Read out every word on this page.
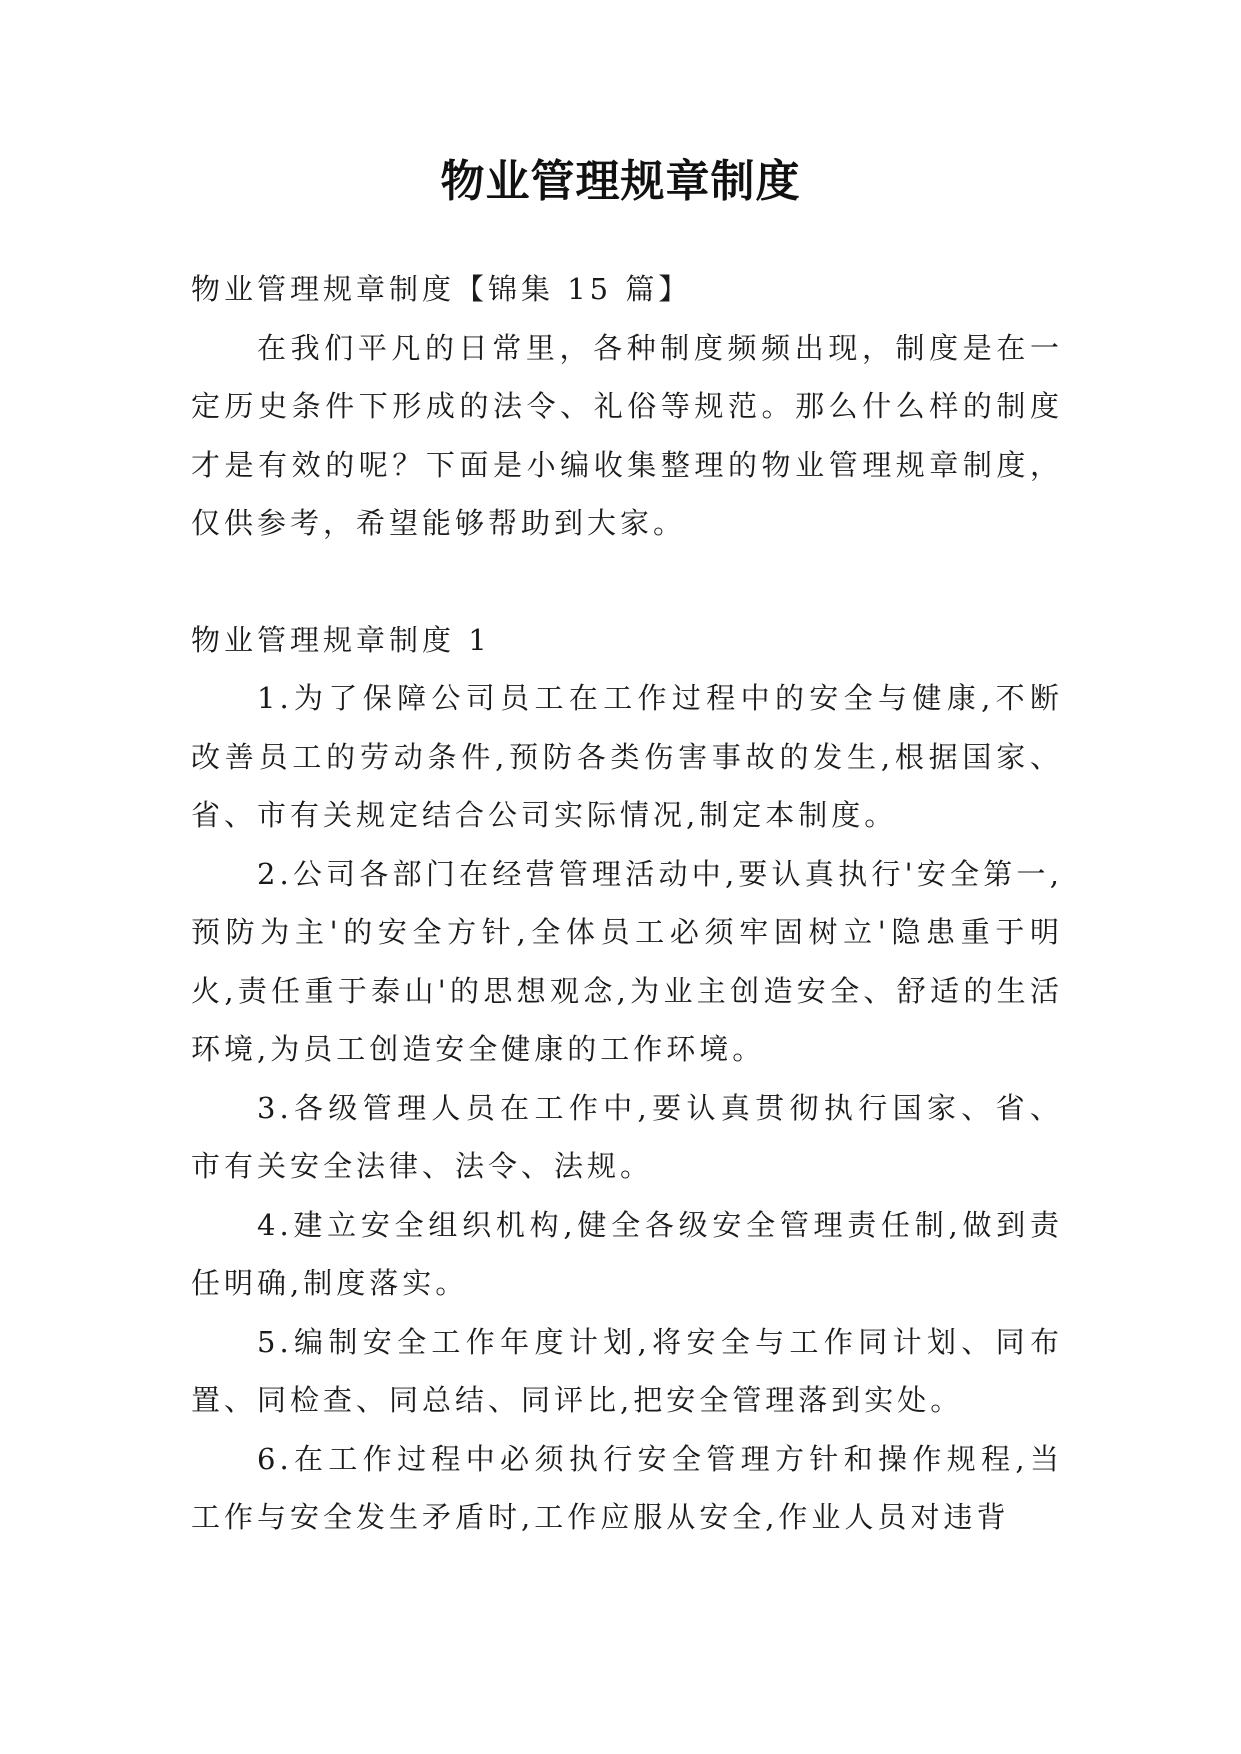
物业管理规章制度

物业管理规章制度【锦集 15 篇】

在我们平凡的日常里，各种制度频频出现，制度是在一定历史条件下形成的法令、礼俗等规范。那么什么样的制度才是有效的呢？下面是小编收集整理的物业管理规章制度，仅供参考，希望能够帮助到大家。

物业管理规章制度 1

1.为了保障公司员工在工作过程中的安全与健康,不断改善员工的劳动条件,预防各类伤害事故的发生,根据国家、省、市有关规定结合公司实际情况,制定本制度。

2.公司各部门在经营管理活动中,要认真执行'安全第一,预防为主'的安全方针,全体员工必须牢固树立'隐患重于明火,责任重于泰山'的思想观念,为业主创造安全、舒适的生活环境,为员工创造安全健康的工作环境。

3.各级管理人员在工作中,要认真贯彻执行国家、省、市有关安全法律、法令、法规。

4.建立安全组织机构,健全各级安全管理责任制,做到责任明确,制度落实。

5.编制安全工作年度计划,将安全与工作同计划、同布置、同检查、同总结、同评比,把安全管理落到实处。

6.在工作过程中必须执行安全管理方针和操作规程,当工作与安全发生矛盾时,工作应服从安全,作业人员对违背
